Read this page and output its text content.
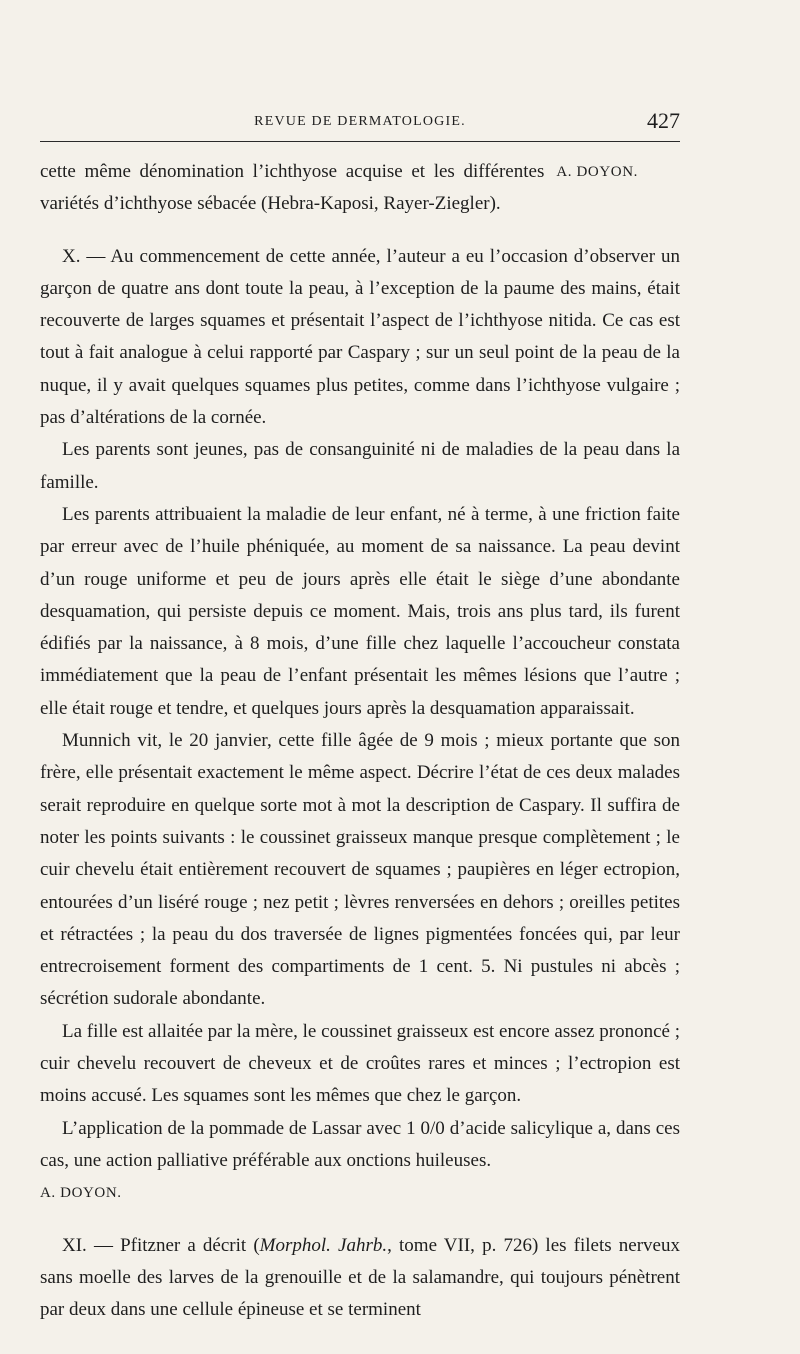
REVUE DE DERMATOLOGIE.	427

A. DOYON.
cette même dénomination l’ichthyose acquise et les différentes variétés d’ichthyose sébacée (Hebra-Kaposi, Rayer-Ziegler).

X. — Au commencement de cette année, l’auteur a eu l’occasion d’observer un garçon de quatre ans dont toute la peau, à l’exception de la paume des mains, était recouverte de larges squames et présentait l’aspect de l’ichthyose nitida. Ce cas est tout à fait analogue à celui rapporté par Caspary ; sur un seul point de la peau de la nuque, il y avait quelques squames plus petites, comme dans l’ichthyose vulgaire ; pas d’altérations de la cornée.

Les parents sont jeunes, pas de consanguinité ni de maladies de la peau dans la famille.

Les parents attribuaient la maladie de leur enfant, né à terme, à une friction faite par erreur avec de l’huile phéniquée, au moment de sa naissance. La peau devint d’un rouge uniforme et peu de jours après elle était le siège d’une abondante desquamation, qui persiste depuis ce moment. Mais, trois ans plus tard, ils furent édifiés par la naissance, à 8 mois, d’une fille chez laquelle l’accoucheur constata immédiatement que la peau de l’enfant présentait les mêmes lésions que l’autre ; elle était rouge et tendre, et quelques jours après la desquamation apparaissait.

Munnich vit, le 20 janvier, cette fille âgée de 9 mois ; mieux portante que son frère, elle présentait exactement le même aspect. Décrire l’état de ces deux malades serait reproduire en quelque sorte mot à mot la description de Caspary. Il suffira de noter les points suivants : le coussinet graisseux manque presque complètement ; le cuir chevelu était entièrement recouvert de squames ; paupières en léger ectropion, entourées d’un liséré rouge ; nez petit ; lèvres renversées en dehors ; oreilles petites et rétractées ; la peau du dos traversée de lignes pigmentées foncées qui, par leur entrecroisement forment des compartiments de 1 cent. 5. Ni pustules ni abcès ; sécrétion sudorale abondante.

La fille est allaitée par la mère, le coussinet graisseux est encore assez prononcé ; cuir chevelu recouvert de cheveux et de croûtes rares et minces ; l’ectropion est moins accusé. Les squames sont les mêmes que chez le garçon.

L’application de la pommade de Lassar avec 1 0/0 d’acide salicylique a, dans ces cas, une action palliative préférable aux onctions huileuses.

A. DOYON.

XI. — Pfitzner a décrit (Morphol. Jahrb., tome VII, p. 726) les filets nerveux sans moelle des larves de la grenouille et de la salamandre, qui toujours pénètrent par deux dans une cellule épineuse et se terminent
